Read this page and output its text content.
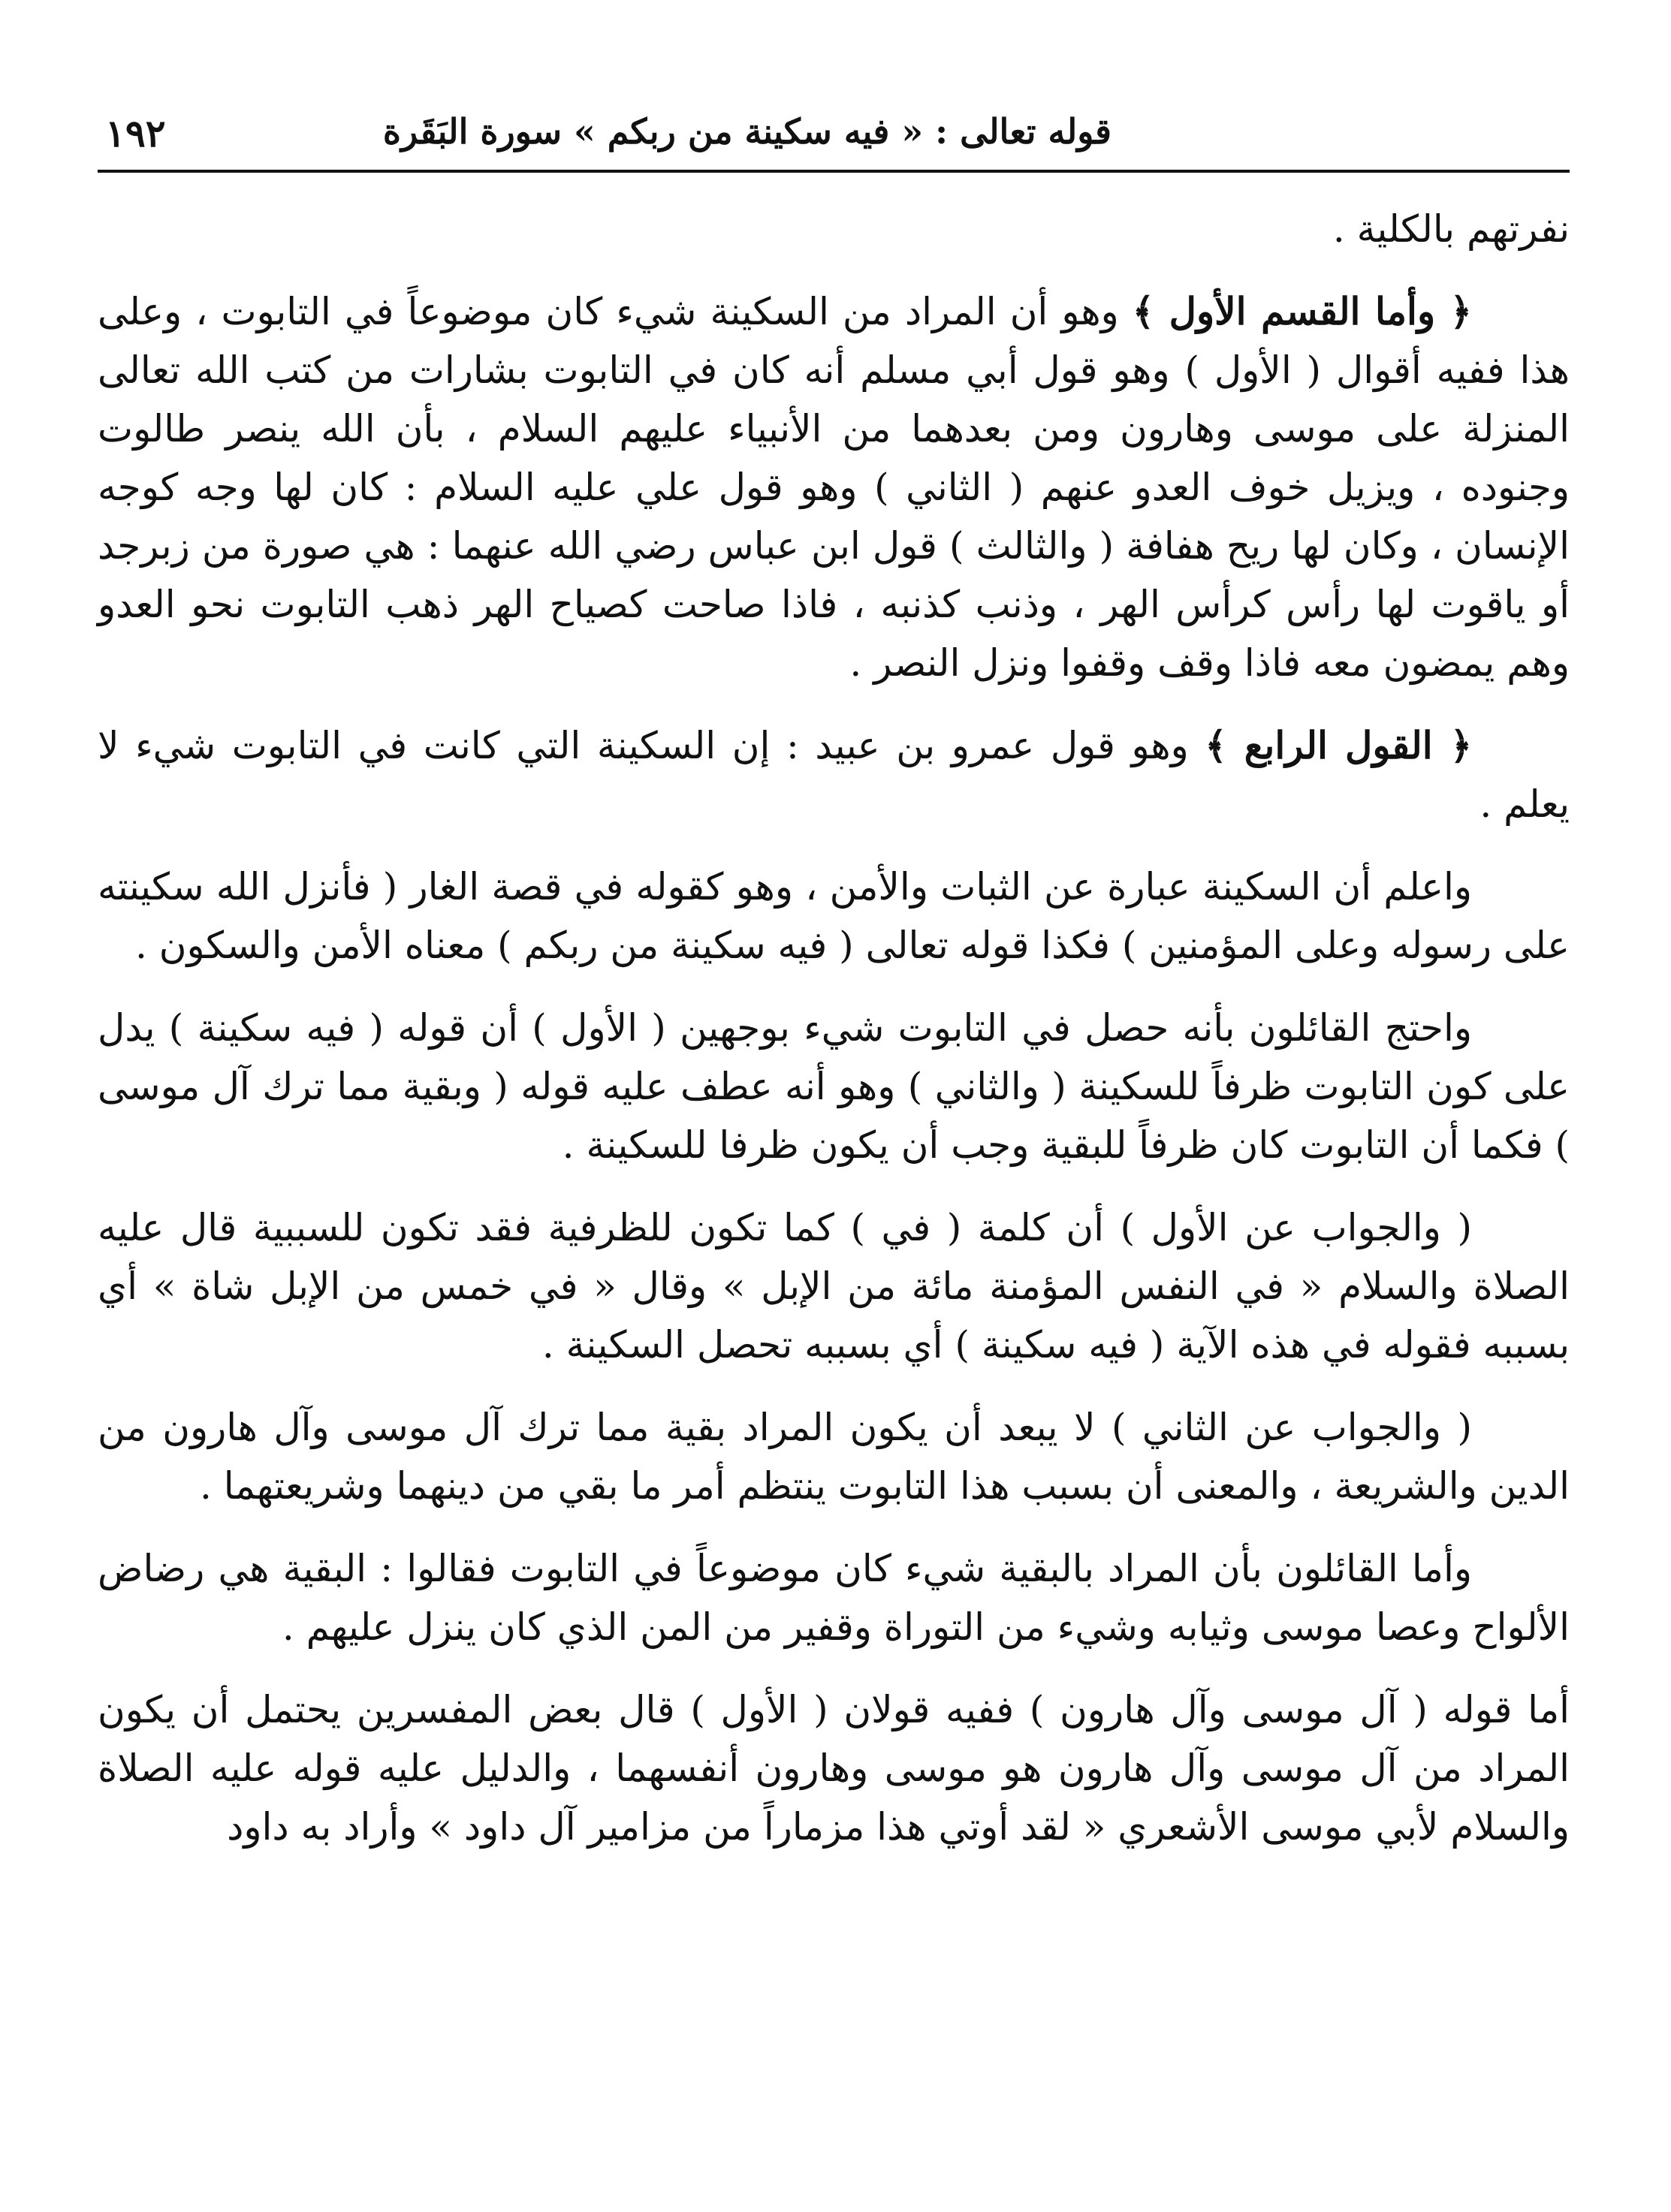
قوله تعالى : « فيه سكينة من ربكم » سورة البَقَرة
١٩٢

نفرتهم بالكلية .

﴿ وأما القسم الأول ﴾ وهو أن المراد من السكينة شيء كان موضوعاً في التابوت ، وعلى هذا ففيه أقوال ( الأول ) وهو قول أبي مسلم أنه كان في التابوت بشارات من كتب الله تعالى المنزلة على موسى وهارون ومن بعدهما من الأنبياء عليهم السلام ، بأن الله ينصر طالوت وجنوده ، ويزيل خوف العدو عنهم ( الثاني ) وهو قول علي عليه السلام : كان لها وجه كوجه الإنسان ، وكان لها ريح هفافة ( والثالث ) قول ابن عباس رضي الله عنهما : هي صورة من زبرجد أو ياقوت لها رأس كرأس الهر ، وذنب كذنبه ، فاذا صاحت كصياح الهر ذهب التابوت نحو العدو وهم يمضون معه فاذا وقف وقفوا ونزل النصر .

﴿ القول الرابع ﴾ وهو قول عمرو بن عبيد : إن السكينة التي كانت في التابوت شيء لا يعلم .

واعلم أن السكينة عبارة عن الثبات والأمن ، وهو كقوله في قصة الغار ( فأنزل الله سكينته على رسوله وعلى المؤمنين ) فكذا قوله تعالى ( فيه سكينة من ربكم ) معناه الأمن والسكون .

واحتج القائلون بأنه حصل في التابوت شيء بوجهين ( الأول ) أن قوله ( فيه سكينة ) يدل على كون التابوت ظرفاً للسكينة ( والثاني ) وهو أنه عطف عليه قوله ( وبقية مما ترك آل موسى ) فكما أن التابوت كان ظرفاً للبقية وجب أن يكون ظرفا للسكينة .

( والجواب عن الأول ) أن كلمة ( في ) كما تكون للظرفية فقد تكون للسببية قال عليه الصلاة والسلام « في النفس المؤمنة مائة من الإبل » وقال « في خمس من الإبل شاة » أي بسببه فقوله في هذه الآية ( فيه سكينة ) أي بسببه تحصل السكينة .

( والجواب عن الثاني ) لا يبعد أن يكون المراد بقية مما ترك آل موسى وآل هارون من الدين والشريعة ، والمعنى أن بسبب هذا التابوت ينتظم أمر ما بقي من دينهما وشريعتهما .

وأما القائلون بأن المراد بالبقية شيء كان موضوعاً في التابوت فقالوا : البقية هي رضاض الألواح وعصا موسى وثيابه وشيء من التوراة وقفير من المن الذي كان ينزل عليهم .

أما قوله ( آل موسى وآل هارون ) ففيه قولان ( الأول ) قال بعض المفسرين يحتمل أن يكون المراد من آل موسى وآل هارون هو موسى وهارون أنفسهما ، والدليل عليه قوله عليه الصلاة والسلام لأبي موسى الأشعري « لقد أوتي هذا مزماراً من مزامير آل داود » وأراد به داود
